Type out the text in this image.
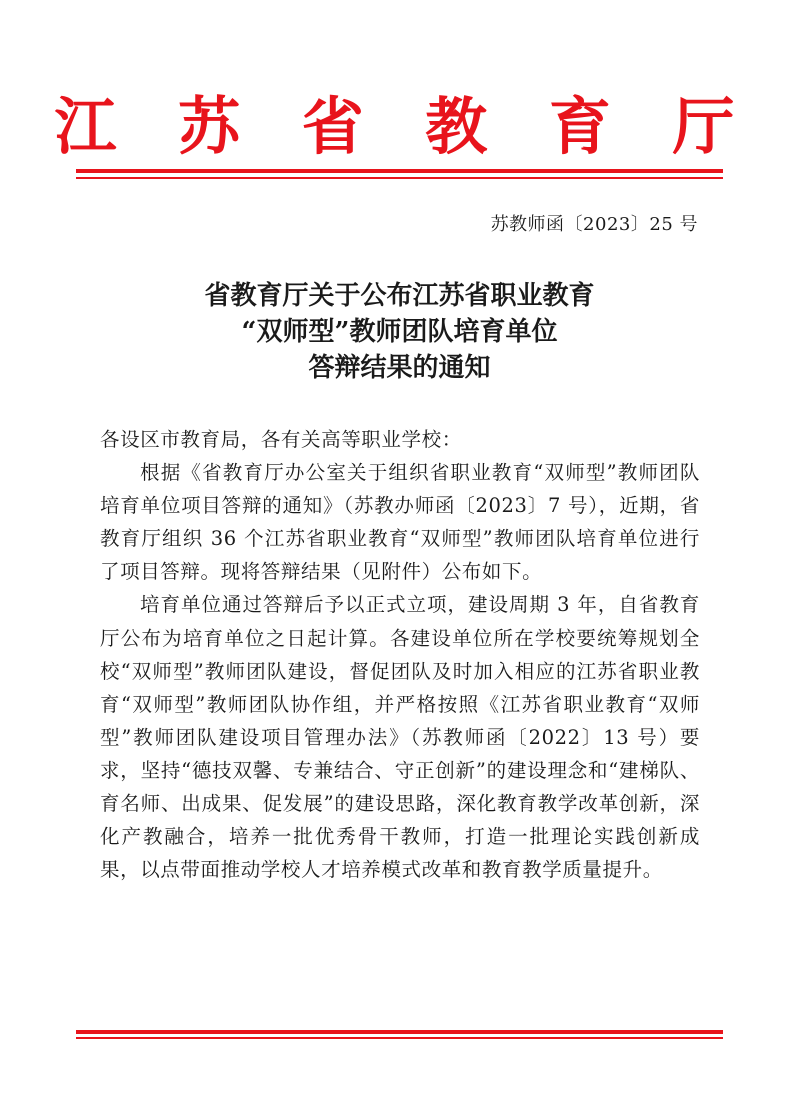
江 苏 省 教 育 厅
苏教师函〔2023〕25 号
省教育厅关于公布江苏省职业教育
“双师型”教师团队培育单位
答辩结果的通知

各设区市教育局，各有关高等职业学校：

根据《省教育厅办公室关于组织省职业教育“双师型”教师团队培育单位项目答辩的通知》（苏教办师函〔2023〕7 号），近期，省教育厅组织 36 个江苏省职业教育“双师型”教师团队培育单位进行了项目答辩。现将答辩结果（见附件）公布如下。

培育单位通过答辩后予以正式立项，建设周期 3 年，自省教育厅公布为培育单位之日起计算。各建设单位所在学校要统筹规划全校“双师型”教师团队建设，督促团队及时加入相应的江苏省职业教育“双师型”教师团队协作组，并严格按照《江苏省职业教育“双师型”教师团队建设项目管理办法》（苏教师函〔2022〕13 号）要求，坚持“德技双馨、专兼结合、守正创新”的建设理念和“建梯队、育名师、出成果、促发展”的建设思路，深化教育教学改革创新，深化产教融合，培养一批优秀骨干教师，打造一批理论实践创新成果，以点带面推动学校人才培养模式改革和教育教学质量提升。
